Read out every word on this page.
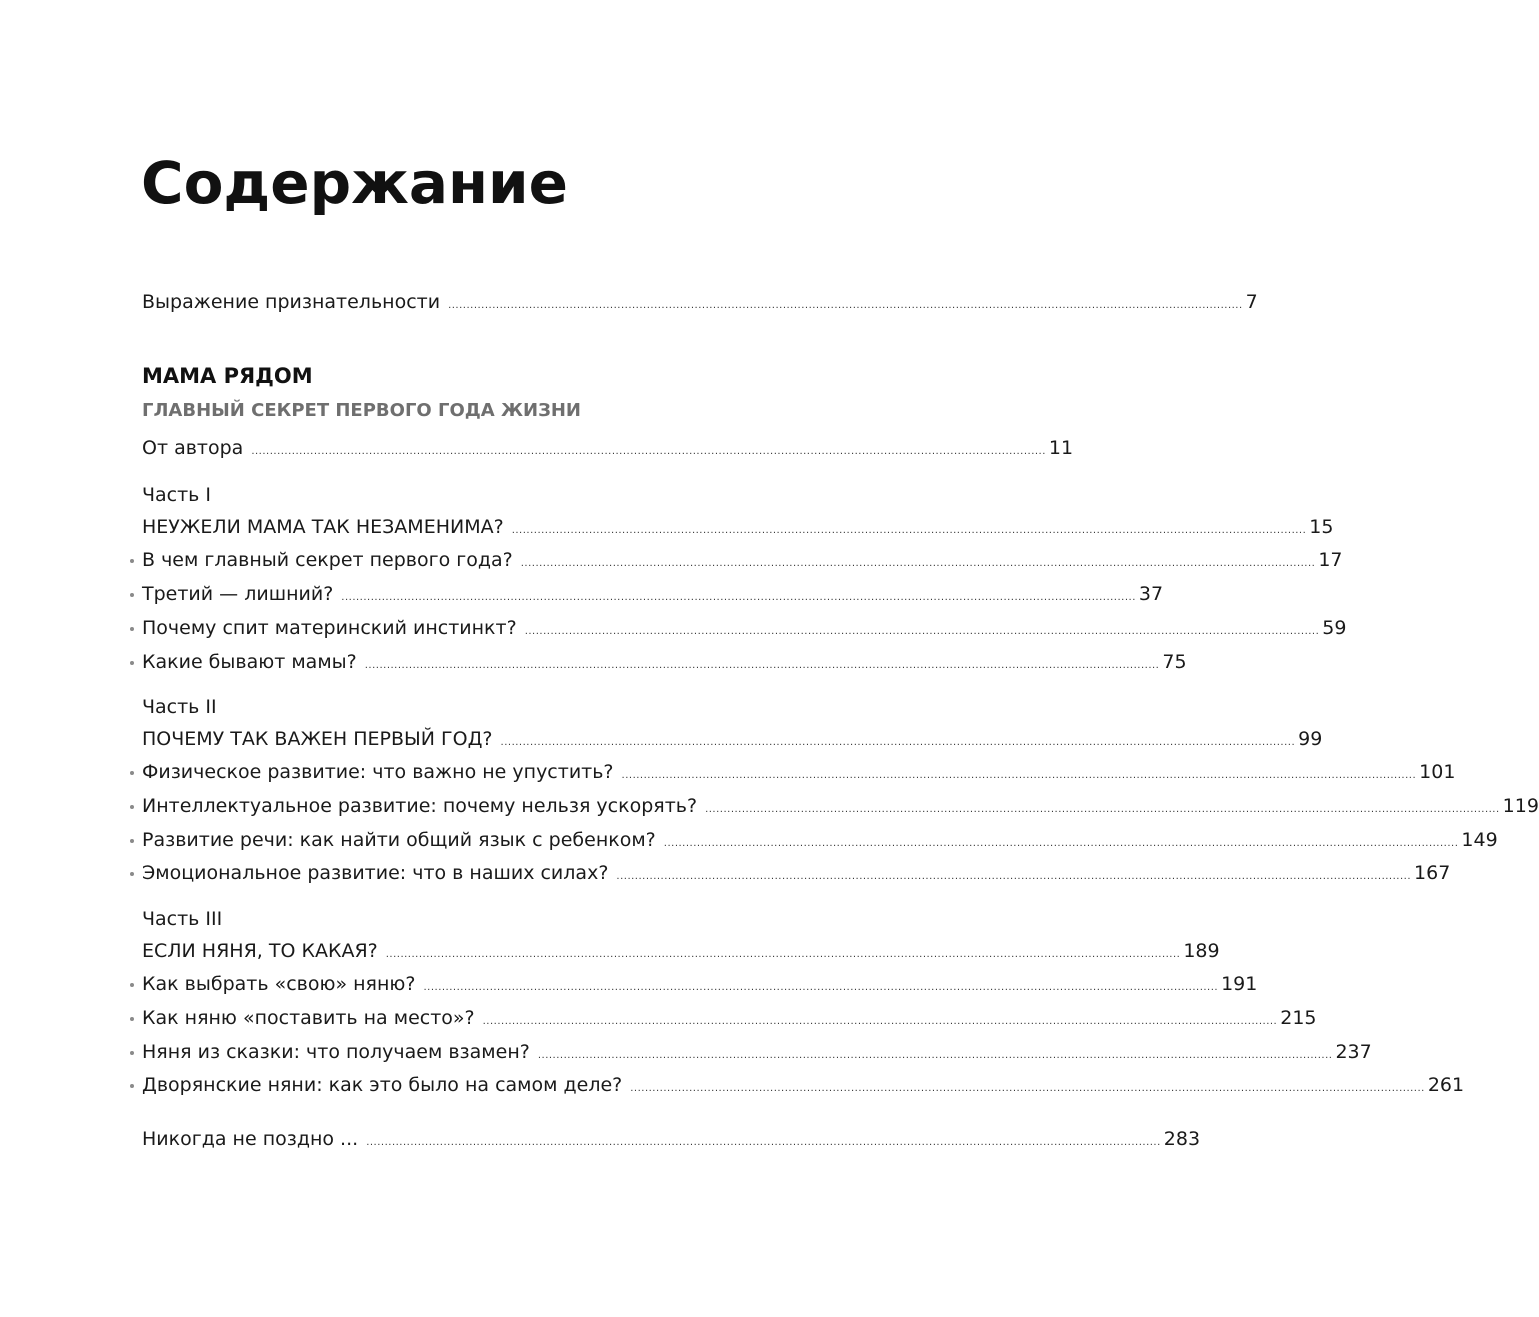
Содержание
Выражение признательности ........................................................................................................................................................................................................................ 7
МАМА РЯДОМ
ГЛАВНЫЙ СЕКРЕТ ПЕРВОГО ГОДА ЖИЗНИ
От автора ........................................................................................................................................................................................................................ 11
Часть I
НЕУЖЕЛИ МАМА ТАК НЕЗАМЕНИМА? ........................................................................................................................................................................................................................ 15
В чем главный секрет первого года? ........................................................................................................................................................................................................................ 17
Третий — лишний? ........................................................................................................................................................................................................................ 37
Почему спит материнский инстинкт? ........................................................................................................................................................................................................................ 59
Какие бывают мамы? ........................................................................................................................................................................................................................ 75
Часть II
ПОЧЕМУ ТАК ВАЖЕН ПЕРВЫЙ ГОД? ........................................................................................................................................................................................................................ 99
Физическое развитие: что важно не упустить? ........................................................................................................................................................................................................................ 101
Интеллектуальное развитие: почему нельзя ускорять? ........................................................................................................................................................................................................................ 119
Развитие речи: как найти общий язык с ребенком? ........................................................................................................................................................................................................................ 149
Эмоциональное развитие: что в наших силах? ........................................................................................................................................................................................................................ 167
Часть III
ЕСЛИ НЯНЯ, ТО КАКАЯ? ........................................................................................................................................................................................................................ 189
Как выбрать «свою» няню? ........................................................................................................................................................................................................................ 191
Как няню «поставить на место»? ........................................................................................................................................................................................................................ 215
Няня из сказки: что получаем взамен? ........................................................................................................................................................................................................................ 237
Дворянские няни: как это было на самом деле? ........................................................................................................................................................................................................................ 261
Никогда не поздно ... ........................................................................................................................................................................................................................ 283
